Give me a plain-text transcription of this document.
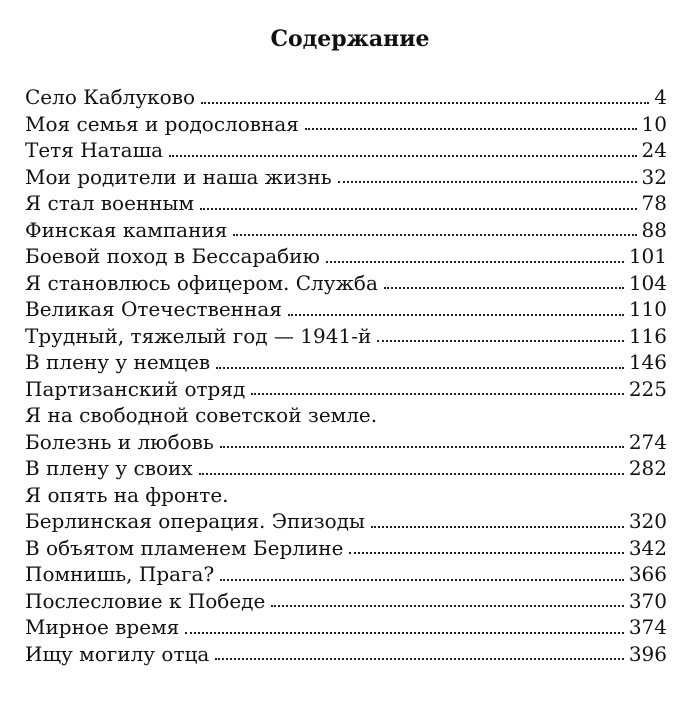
Содержание
Село Каблуково	4
Моя семья и родословная	10
Тетя Наташа	24
Мои родители и наша жизнь	32
Я стал военным	78
Финская кампания	88
Боевой поход в Бессарабию	101
Я становлюсь офицером. Служба	104
Великая Отечественная	110
Трудный, тяжелый год — 1941-й	116
В плену у немцев	146
Партизанский отряд	225
Я на свободной советской земле.
Болезнь и любовь	274
В плену у своих	282
Я опять на фронте.
Берлинская операция. Эпизоды	320
В объятом пламенем Берлине	342
Помнишь, Прага?	366
Послесловие к Победе	370
Мирное время	374
Ищу могилу отца	396
